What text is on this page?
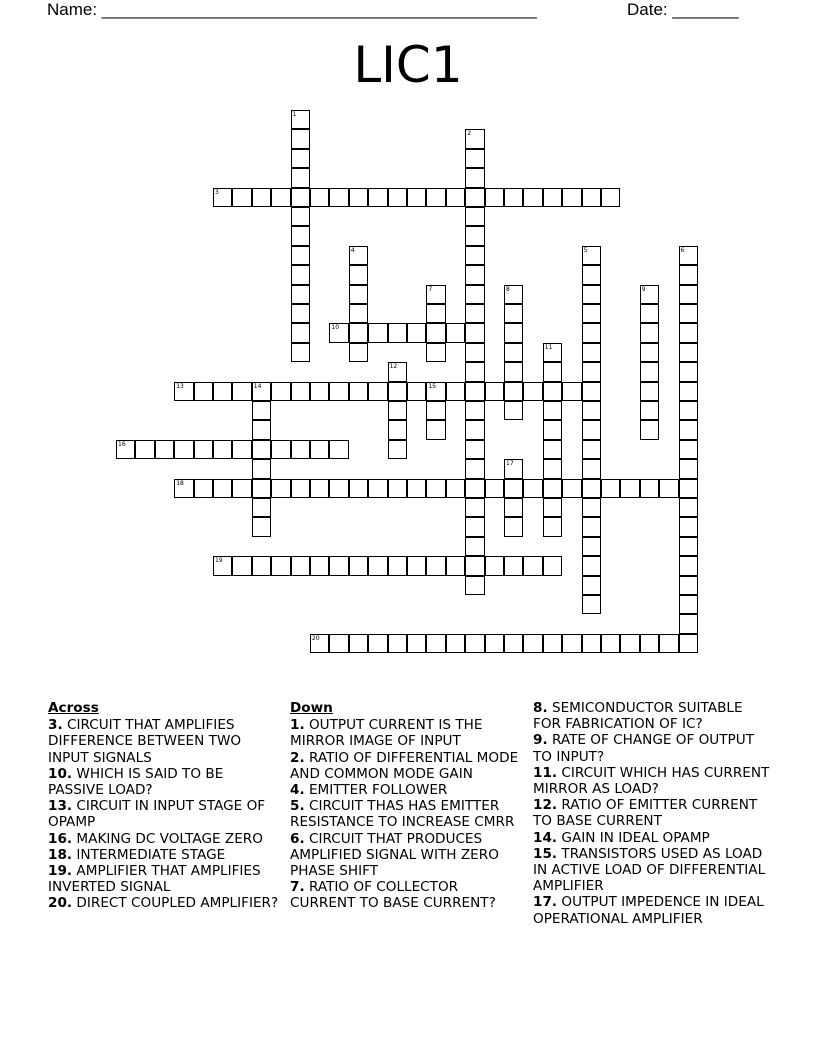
Name: ______________________________________________	Date: _______
LIC1
1
2
3
4	5	6
7	8	9
10
11
12
13	14	15
16
17
18
19
20
Across

3. CIRCUIT THAT AMPLIFIES DIFFERENCE BETWEEN TWO INPUT SIGNALS

10. WHICH IS SAID TO BE PASSIVE LOAD?

13. CIRCUIT IN INPUT STAGE OF OPAMP

16. MAKING DC VOLTAGE ZERO

18. INTERMEDIATE STAGE

19. AMPLIFIER THAT AMPLIFIES INVERTED SIGNAL

20. DIRECT COUPLED AMPLIFIER?

Down

1. OUTPUT CURRENT IS THE MIRROR IMAGE OF INPUT

2. RATIO OF DIFFERENTIAL MODE AND COMMON MODE GAIN

4. EMITTER FOLLOWER

5. CIRCUIT THAS HAS EMITTER RESISTANCE TO INCREASE CMRR

6. CIRCUIT THAT PRODUCES AMPLIFIED SIGNAL WITH ZERO PHASE SHIFT

7. RATIO OF COLLECTOR CURRENT TO BASE CURRENT?

8. SEMICONDUCTOR SUITABLE FOR FABRICATION OF IC?

9. RATE OF CHANGE OF OUTPUT TO INPUT?

11. CIRCUIT WHICH HAS CURRENT MIRROR AS LOAD?

12. RATIO OF EMITTER CURRENT TO BASE CURRENT

14. GAIN IN IDEAL OPAMP

15. TRANSISTORS USED AS LOAD IN ACTIVE LOAD OF DIFFERENTIAL AMPLIFIER

17. OUTPUT IMPEDENCE IN IDEAL OPERATIONAL AMPLIFIER
